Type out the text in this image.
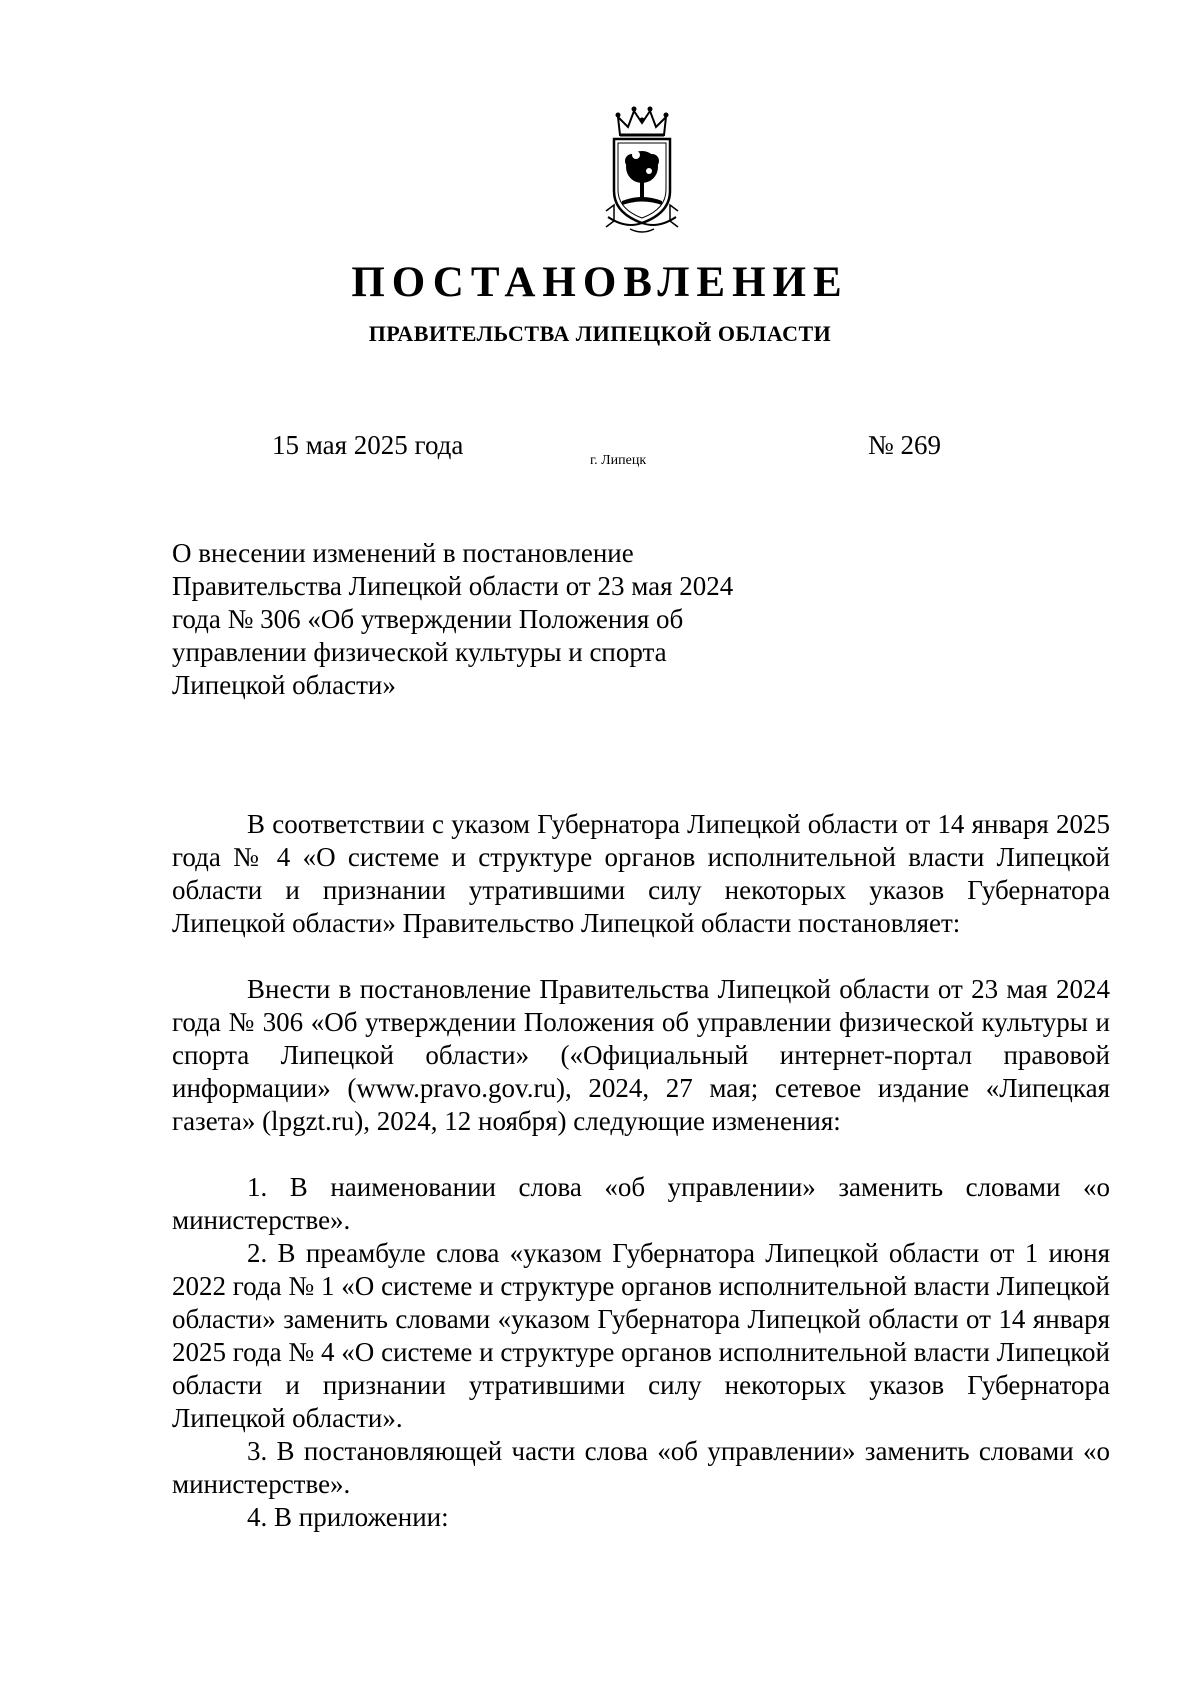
ПОСТАНОВЛЕНИЕ
ПРАВИТЕЛЬСТВА ЛИПЕЦКОЙ ОБЛАСТИ
15 мая 2025 года
г. Липецк
№ 269
О внесении изменений в постановление
Правительства Липецкой области от 23 мая 2024
года № 306 «Об утверждении Положения об
управлении физической культуры и спорта
Липецкой области»

В соответствии с указом Губернатора Липецкой области от 14 января 2025 года № 4 «О системе и структуре органов исполнительной власти Липецкой области и признании утратившими силу некоторых указов Губернатора Липецкой области» Правительство Липецкой области постановляет:

Внести в постановление Правительства Липецкой области от 23 мая 2024 года № 306 «Об утверждении Положения об управлении физической культуры и спорта Липецкой области» («Официальный интернет-портал правовой информации» (www.pravo.gov.ru), 2024, 27 мая; сетевое издание «Липецкая газета» (lpgzt.ru), 2024, 12 ноября) следующие изменения:

1. В наименовании слова «об управлении» заменить словами «о министерстве».

2. В преамбуле слова «указом Губернатора Липецкой области от 1 июня 2022 года № 1 «О системе и структуре органов исполнительной власти Липецкой области» заменить словами «указом Губернатора Липецкой области от 14 января 2025 года № 4 «О системе и структуре органов исполнительной власти Липецкой области и признании утратившими силу некоторых указов Губернатора Липецкой области».

3. В постановляющей части слова «об управлении» заменить словами «о министерстве».

4. В приложении:
